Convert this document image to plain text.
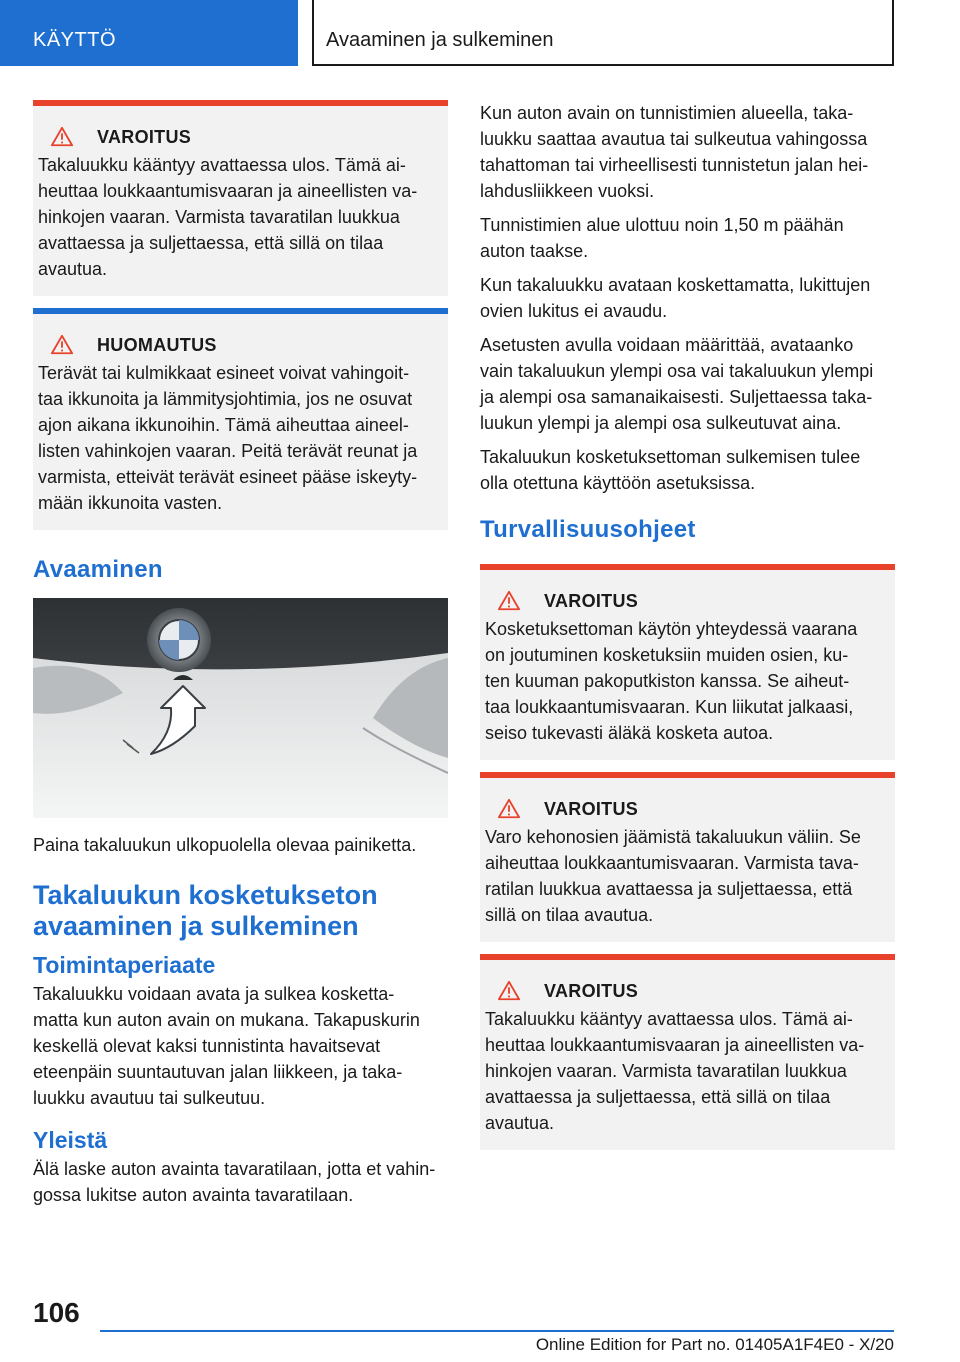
KÄYTTÖ	Avaaminen ja sulkeminen
VAROITUS

Takaluukku kääntyy avattaessa ulos. Tämä ai-
heuttaa loukkaantumisvaaran ja aineellisten va-
hinkojen vaaran. Varmista tavaratilan luukkua
avattaessa ja suljettaessa, että sillä on tilaa
avautua.

HUOMAUTUS

Terävät tai kulmikkaat esineet voivat vahingoit-
taa ikkunoita ja lämmitysjohtimia, jos ne osuvat
ajon aikana ikkunoihin. Tämä aiheuttaa aineel-
listen vahinkojen vaaran. Peitä terävät reunat ja
varmista, etteivät terävät esineet pääse iskeyty-
mään ikkunoita vasten.

Avaaminen

Paina takaluukun ulkopuolella olevaa painiketta.

Takaluukun kosketukseton
avaaminen ja sulkeminen
Toimintaperiaate

Takaluukku voidaan avata ja sulkea kosketta-
matta kun auton avain on mukana. Takapuskurin
keskellä olevat kaksi tunnistinta havaitsevat
eteenpäin suuntautuvan jalan liikkeen, ja taka-
luukku avautuu tai sulkeutuu.

Yleistä

Älä laske auton avainta tavaratilaan, jotta et vahin-
gossa lukitse auton avainta tavaratilaan.

Kun auton avain on tunnistimien alueella, taka-
luukku saattaa avautua tai sulkeutua vahingossa
tahattoman tai virheellisesti tunnistetun jalan hei-
lahdusliikkeen vuoksi.

Tunnistimien alue ulottuu noin 1,50 m päähän
auton taakse.

Kun takaluukku avataan koskettamatta, lukittujen
ovien lukitus ei avaudu.

Asetusten avulla voidaan määrittää, avataanko
vain takaluukun ylempi osa vai takaluukun ylempi
ja alempi osa samanaikaisesti. Suljettaessa taka-
luukun ylempi ja alempi osa sulkeutuvat aina.

Takaluukun kosketuksettoman sulkemisen tulee
olla otettuna käyttöön asetuksissa.

Turvallisuusohjeet
VAROITUS

Kosketuksettoman käytön yhteydessä vaarana
on joutuminen kosketuksiin muiden osien, ku-
ten kuuman pakoputkiston kanssa. Se aiheut-
taa loukkaantumisvaaran. Kun liikutat jalkaasi,
seiso tukevasti äläkä kosketa autoa.

VAROITUS

Varo kehonosien jäämistä takaluukun väliin. Se
aiheuttaa loukkaantumisvaaran. Varmista tava-
ratilan luukkua avattaessa ja suljettaessa, että
sillä on tilaa avautua.

VAROITUS

Takaluukku kääntyy avattaessa ulos. Tämä ai-
heuttaa loukkaantumisvaaran ja aineellisten va-
hinkojen vaaran. Varmista tavaratilan luukkua
avattaessa ja suljettaessa, että sillä on tilaa
avautua.

106
Online Edition for Part no. 01405A1F4E0 - X/20
